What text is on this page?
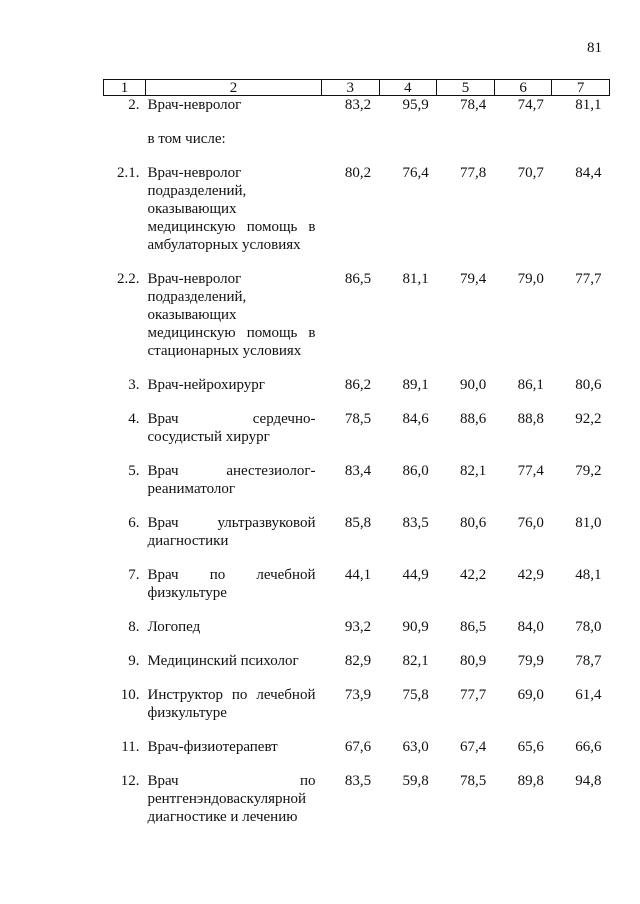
81
1	2	3	4	5	6	7
2.	Врач-невролог	83,2	95,9	78,4	74,7	81,1
	в том числе:					
2.1.	Врач-невролог подразделений, оказывающих медицинскую помощь в амбулаторных условиях	80,2	76,4	77,8	70,7	84,4
2.2.	Врач-невролог подразделений, оказывающих медицинскую помощь в стационарных условиях	86,5	81,1	79,4	79,0	77,7
3.	Врач-нейрохирург	86,2	89,1	90,0	86,1	80,6
4.	Врач сердечно-сосудистый хирург	78,5	84,6	88,6	88,8	92,2
5.	Врач анестезиолог-реаниматолог	83,4	86,0	82,1	77,4	79,2
6.	Врач ультразвуковой диагностики	85,8	83,5	80,6	76,0	81,0
7.	Врач по лечебной физкультуре	44,1	44,9	42,2	42,9	48,1
8.	Логопед	93,2	90,9	86,5	84,0	78,0
9.	Медицинский психолог	82,9	82,1	80,9	79,9	78,7
10.	Инструктор по лечебной физкультуре	73,9	75,8	77,7	69,0	61,4
11.	Врач-физиотерапевт	67,6	63,0	67,4	65,6	66,6
12.	Врач по рентгенэндоваскулярной диагностике и лечению	83,5	59,8	78,5	89,8	94,8
